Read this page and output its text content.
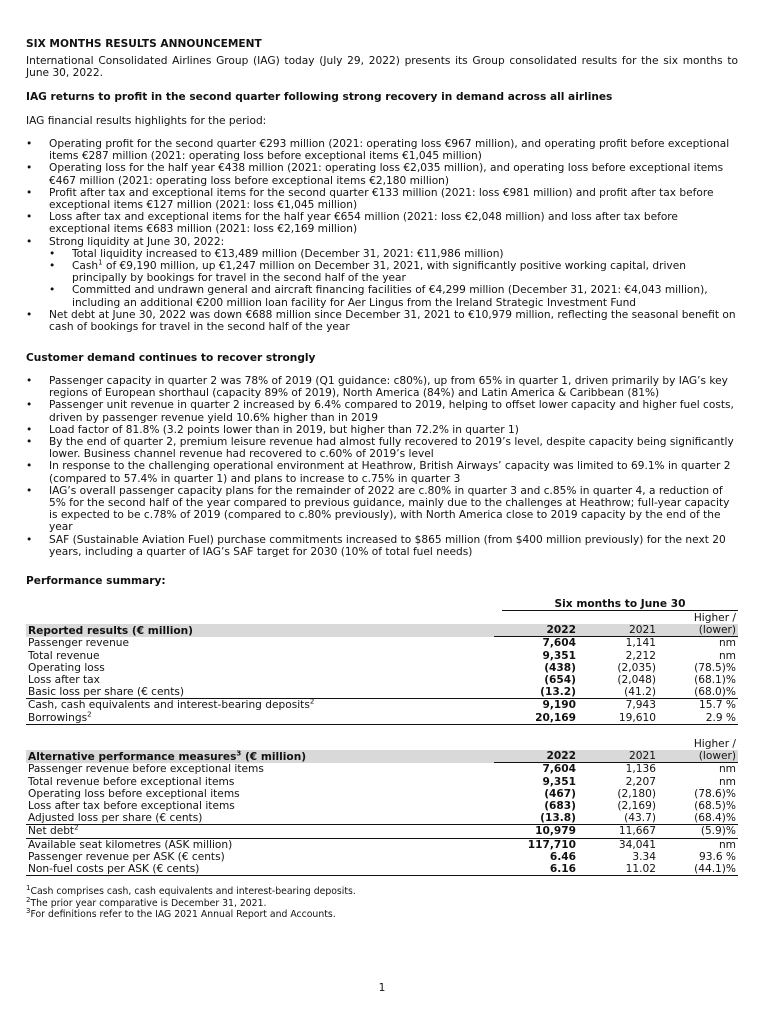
SIX MONTHS RESULTS ANNOUNCEMENT
International Consolidated Airlines Group (IAG) today (July 29, 2022) presents its Group consolidated results for the six months to June 30, 2022.
IAG returns to profit in the second quarter following strong recovery in demand across all airlines
IAG financial results highlights for the period:
• Operating profit for the second quarter €293 million (2021: operating loss €967 million), and operating profit before exceptional items €287 million (2021: operating loss before exceptional items €1,045 million)
• Operating loss for the half year €438 million (2021: operating loss €2,035 million), and operating loss before exceptional items €467 million (2021: operating loss before exceptional items €2,180 million)
• Profit after tax and exceptional items for the second quarter €133 million (2021: loss €981 million) and profit after tax before exceptional items €127 million (2021: loss €1,045 million)
• Loss after tax and exceptional items for the half year €654 million (2021: loss €2,048 million) and loss after tax before exceptional items €683 million (2021: loss €2,169 million)
• Strong liquidity at June 30, 2022:
• Total liquidity increased to €13,489 million (December 31, 2021: €11,986 million)
• Cash$^1$ of €9,190 million, up €1,247 million on December 31, 2021, with significantly positive working capital, driven principally by bookings for travel in the second half of the year
• Committed and undrawn general and aircraft financing facilities of €4,299 million (December 31, 2021: €4,043 million), including an additional €200 million loan facility for Aer Lingus from the Ireland Strategic Investment Fund
• Net debt at June 30, 2022 was down €688 million since December 31, 2021 to €10,979 million, reflecting the seasonal benefit on cash of bookings for travel in the second half of the year
Customer demand continues to recover strongly
• Passenger capacity in quarter 2 was 78% of 2019 (Q1 guidance: c80%), up from 65% in quarter 1, driven primarily by IAG’s key regions of European shorthaul (capacity 89% of 2019), North America (84%) and Latin America & Caribbean (81%)
• Passenger unit revenue in quarter 2 increased by 6.4% compared to 2019, helping to offset lower capacity and higher fuel costs, driven by passenger revenue yield 10.6% higher than in 2019
• Load factor of 81.8% (3.2 points lower than in 2019, but higher than 72.2% in quarter 1)
• By the end of quarter 2, premium leisure revenue had almost fully recovered to 2019’s level, despite capacity being significantly lower. Business channel revenue had recovered to c.60% of 2019’s level
• In response to the challenging operational environment at Heathrow, British Airways’ capacity was limited to 69.1% in quarter 2 (compared to 57.4% in quarter 1) and plans to increase to c.75% in quarter 3
• IAG’s overall passenger capacity plans for the remainder of 2022 are c.80% in quarter 3 and c.85% in quarter 4, a reduction of 5% for the second half of the year compared to previous guidance, mainly due to the challenges at Heathrow; full-year capacity is expected to be c.78% of 2019 (compared to c.80% previously), with North America close to 2019 capacity by the end of the year
• SAF (Sustainable Aviation Fuel) purchase commitments increased to $865 million (from $400 million previously) for the next 20 years, including a quarter of IAG’s SAF target for 2030 (10% of total fuel needs)
Performance summary:
Six months to June 30
			Higher /
Reported results (€ million)	2022	2021	(lower)
Passenger revenue	7,604	1,141	nm
Total revenue	9,351	2,212	nm
Operating loss	(438)	(2,035)	(78.5)%
Loss after tax	(654)	(2,048)	(68.1)%
Basic loss per share (€ cents)	(13.2)	(41.2)	(68.0)%
Cash, cash equivalents and interest-bearing deposits$^2$	9,190	7,943	15.7 %
Borrowings$^2$	20,169	19,610	2.9 %
			Higher /
Alternative performance measures$^3$ (€ million)	2022	2021	(lower)
Passenger revenue before exceptional items	7,604	1,136	nm
Total revenue before exceptional items	9,351	2,207	nm
Operating loss before exceptional items	(467)	(2,180)	(78.6)%
Loss after tax before exceptional items	(683)	(2,169)	(68.5)%
Adjusted loss per share (€ cents)	(13.8)	(43.7)	(68.4)%
Net debt$^2$	10,979	11,667	(5.9)%
Available seat kilometres (ASK million)	117,710	34,041	nm
Passenger revenue per ASK (€ cents)	6.46	3.34	93.6 %
Non-fuel costs per ASK (€ cents)	6.16	11.02	(44.1)%
$^1$Cash comprises cash, cash equivalents and interest-bearing deposits.
$^2$The prior year comparative is December 31, 2021.
$^3$For definitions refer to the IAG 2021 Annual Report and Accounts.
1
